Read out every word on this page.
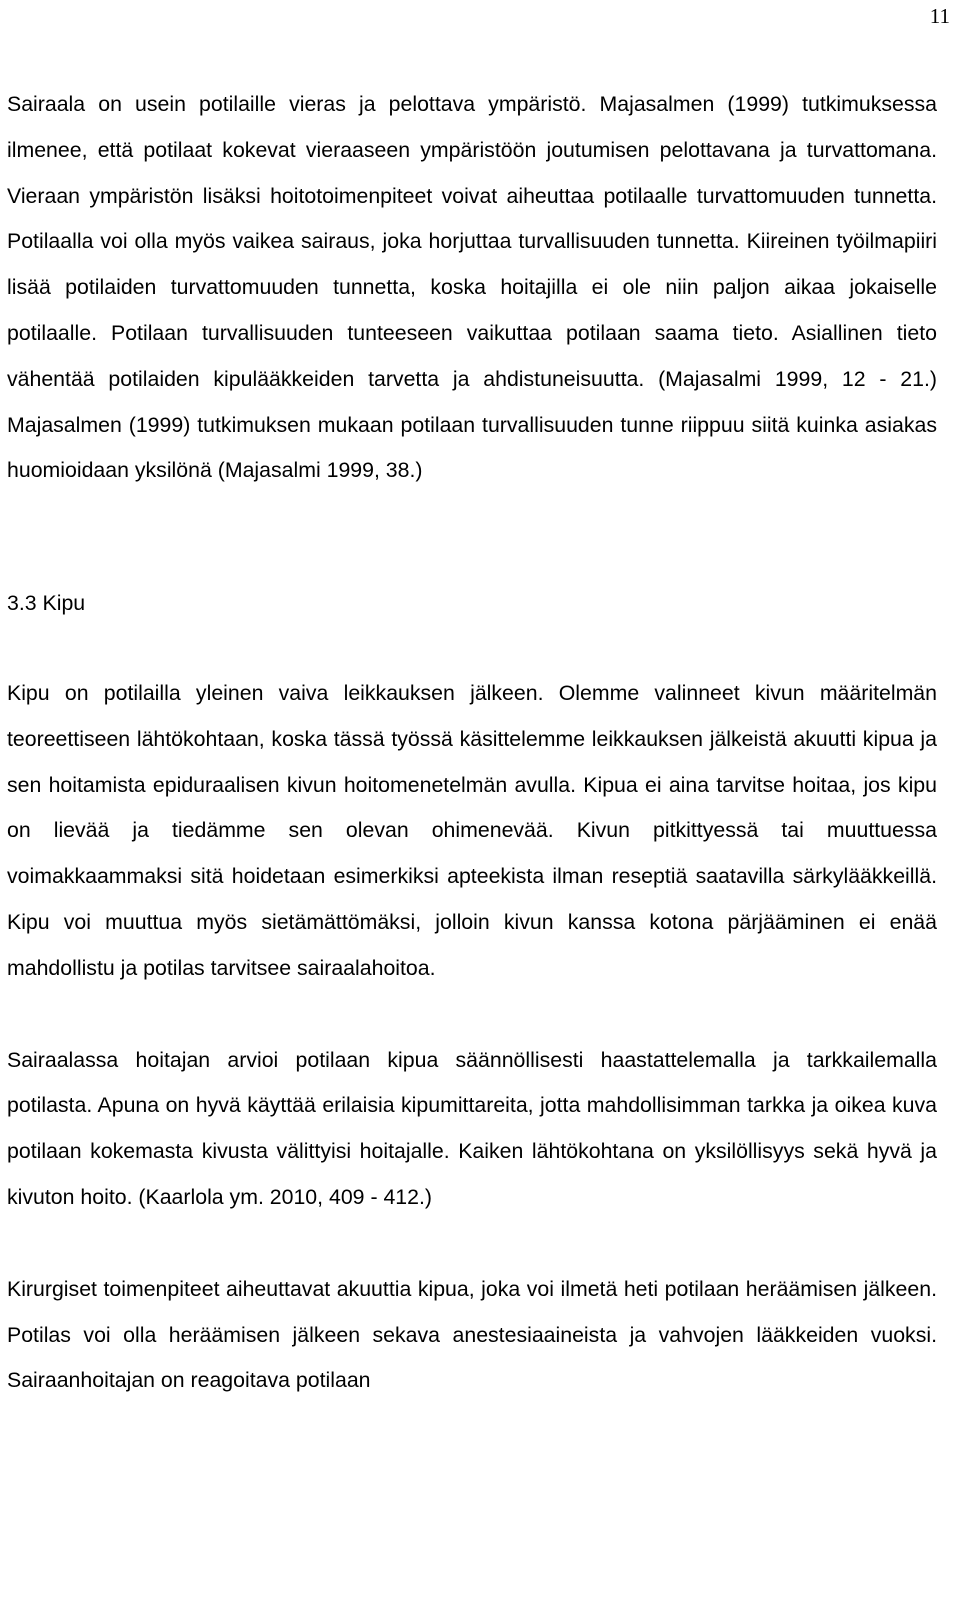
11

Sairaala on usein potilaille vieras ja pelottava ympäristö. Majasalmen (1999) tutkimuksessa ilmenee, että potilaat kokevat vieraaseen ympäristöön joutumisen pelottavana ja turvattomana. Vieraan ympäristön lisäksi hoitotoimenpiteet voivat aiheuttaa potilaalle turvattomuuden tunnetta. Potilaalla voi olla myös vaikea sairaus, joka horjuttaa turvallisuuden tunnetta. Kiireinen työilmapiiri lisää potilaiden turvattomuuden tunnetta, koska hoitajilla ei ole niin paljon aikaa jokaiselle potilaalle. Potilaan turvallisuuden tunteeseen vaikuttaa potilaan saama tieto. Asiallinen tieto vähentää potilaiden kipulääkkeiden tarvetta ja ahdistuneisuutta. (Majasalmi 1999, 12 - 21.) Majasalmen (1999) tutkimuksen mukaan potilaan turvallisuuden tunne riippuu siitä kuinka asiakas huomioidaan yksilönä (Majasalmi 1999, 38.)

3.3 Kipu

Kipu on potilailla yleinen vaiva leikkauksen jälkeen. Olemme valinneet kivun määritelmän teoreettiseen lähtökohtaan, koska tässä työssä käsittelemme leikkauksen jälkeistä akuutti kipua ja sen hoitamista epiduraalisen kivun hoitomenetelmän avulla. Kipua ei aina tarvitse hoitaa, jos kipu on lievää ja tiedämme sen olevan ohimenevää. Kivun pitkittyessä tai muuttuessa voimakkaammaksi sitä hoidetaan esimerkiksi apteekista ilman reseptiä saatavilla särkylääkkeillä. Kipu voi muuttua myös sietämättömäksi, jolloin kivun kanssa kotona pärjääminen ei enää mahdollistu ja potilas tarvitsee sairaalahoitoa.

Sairaalassa hoitajan arvioi potilaan kipua säännöllisesti haastattelemalla ja tarkkailemalla potilasta. Apuna on hyvä käyttää erilaisia kipumittareita, jotta mahdollisimman tarkka ja oikea kuva potilaan kokemasta kivusta välittyisi hoitajalle. Kaiken lähtökohtana on yksilöllisyys sekä hyvä ja kivuton hoito. (Kaarlola ym. 2010, 409 - 412.)

Kirurgiset toimenpiteet aiheuttavat akuuttia kipua, joka voi ilmetä heti potilaan heräämisen jälkeen. Potilas voi olla heräämisen jälkeen sekava anestesiaaineista ja vahvojen lääkkeiden vuoksi. Sairaanhoitajan on reagoitava potilaan
